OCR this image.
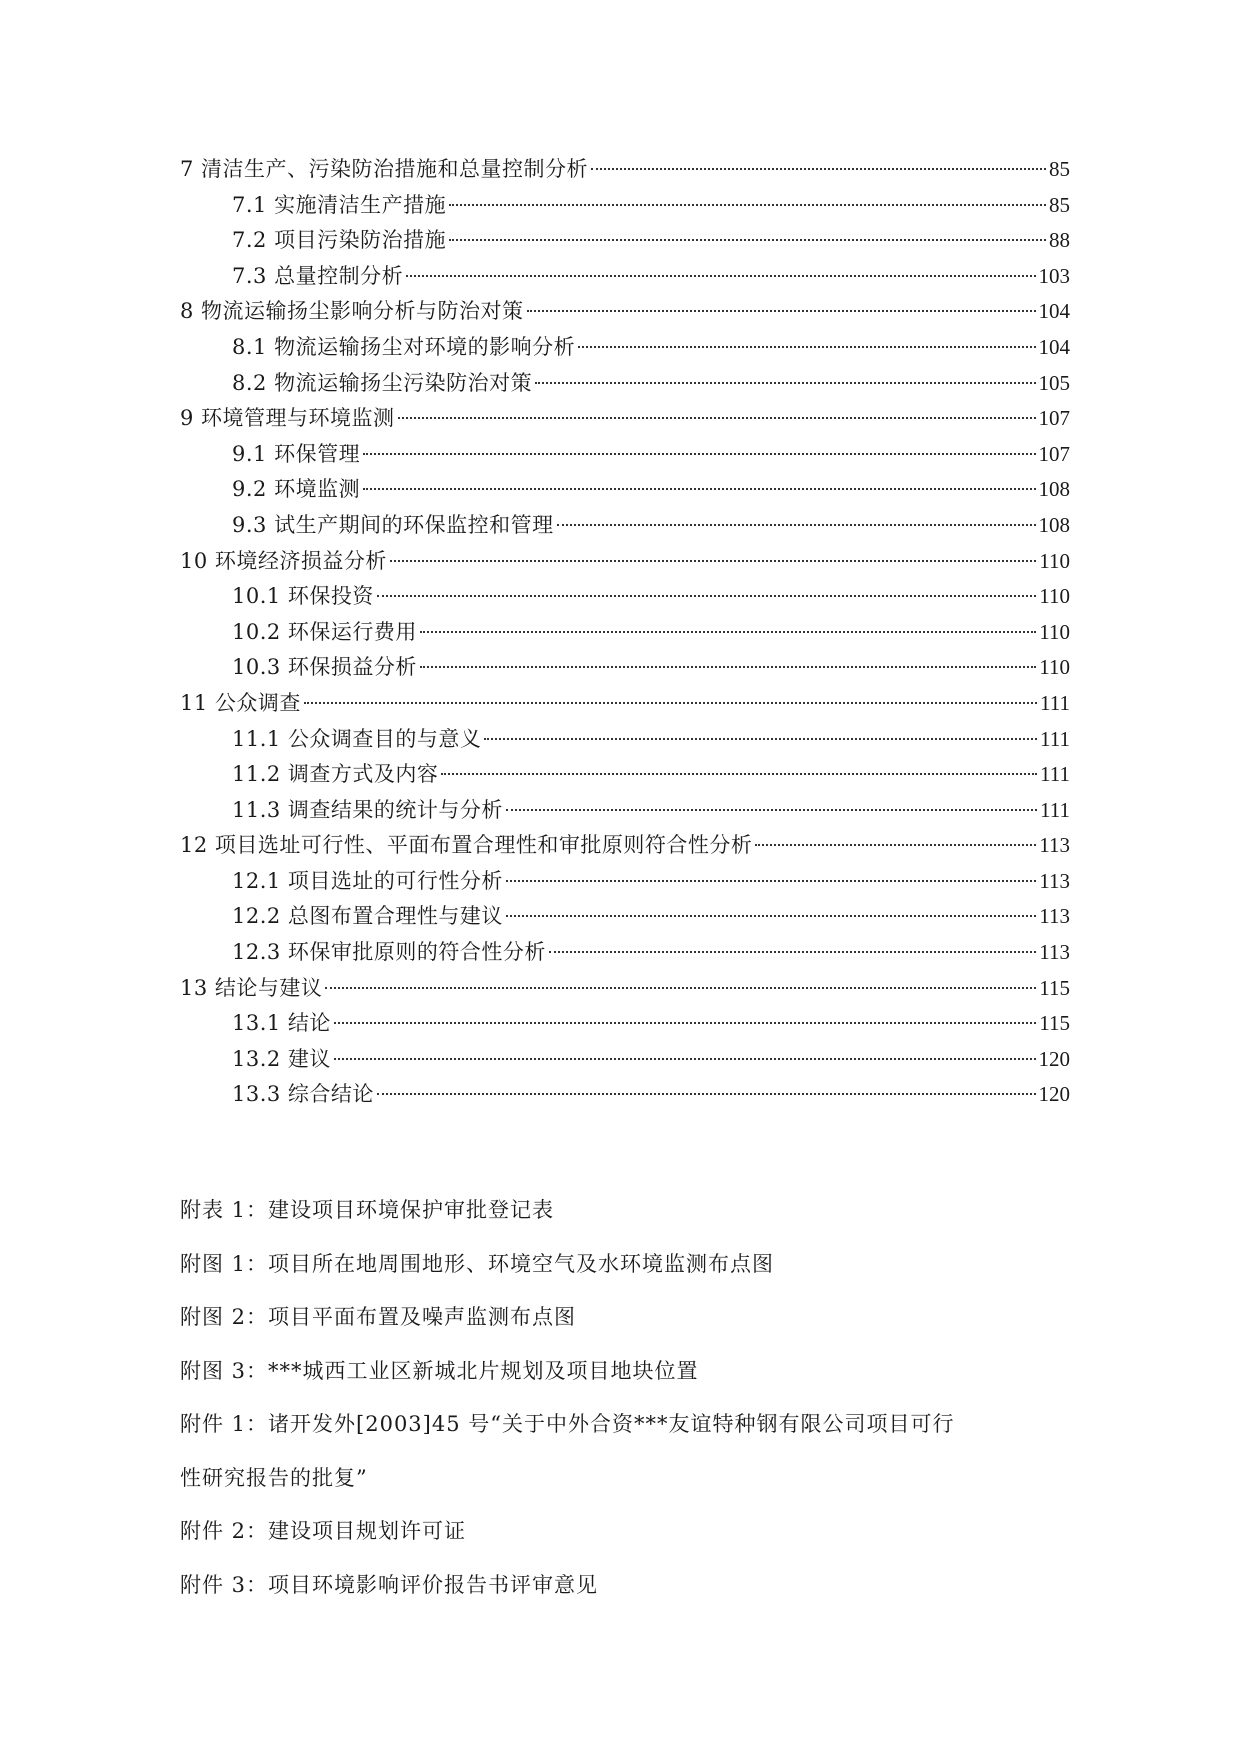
7 清洁生产、污染防治措施和总量控制分析	85
7.1 实施清洁生产措施	85
7.2 项目污染防治措施	88
7.3 总量控制分析	103
8 物流运输扬尘影响分析与防治对策	104
8.1 物流运输扬尘对环境的影响分析	104
8.2 物流运输扬尘污染防治对策	105
9 环境管理与环境监测	107
9.1 环保管理	107
9.2 环境监测	108
9.3 试生产期间的环保监控和管理	108
10 环境经济损益分析	110
10.1 环保投资	110
10.2 环保运行费用	110
10.3 环保损益分析	110
11 公众调查	111
11.1 公众调查目的与意义	111
11.2 调查方式及内容	111
11.3 调查结果的统计与分析	111
12 项目选址可行性、平面布置合理性和审批原则符合性分析	113
12.1 项目选址的可行性分析	113
12.2 总图布置合理性与建议	113
12.3 环保审批原则的符合性分析	113
13 结论与建议	115
13.1 结论	115
13.2 建议	120
13.3 综合结论	120
附表 1：建设项目环境保护审批登记表
附图 1：项目所在地周围地形、环境空气及水环境监测布点图
附图 2：项目平面布置及噪声监测布点图
附图 3：***城西工业区新城北片规划及项目地块位置
附件 1：诸开发外[2003]45 号“关于中外合资***友谊特种钢有限公司项目可行
性研究报告的批复”
附件 2：建设项目规划许可证
附件 3：项目环境影响评价报告书评审意见
